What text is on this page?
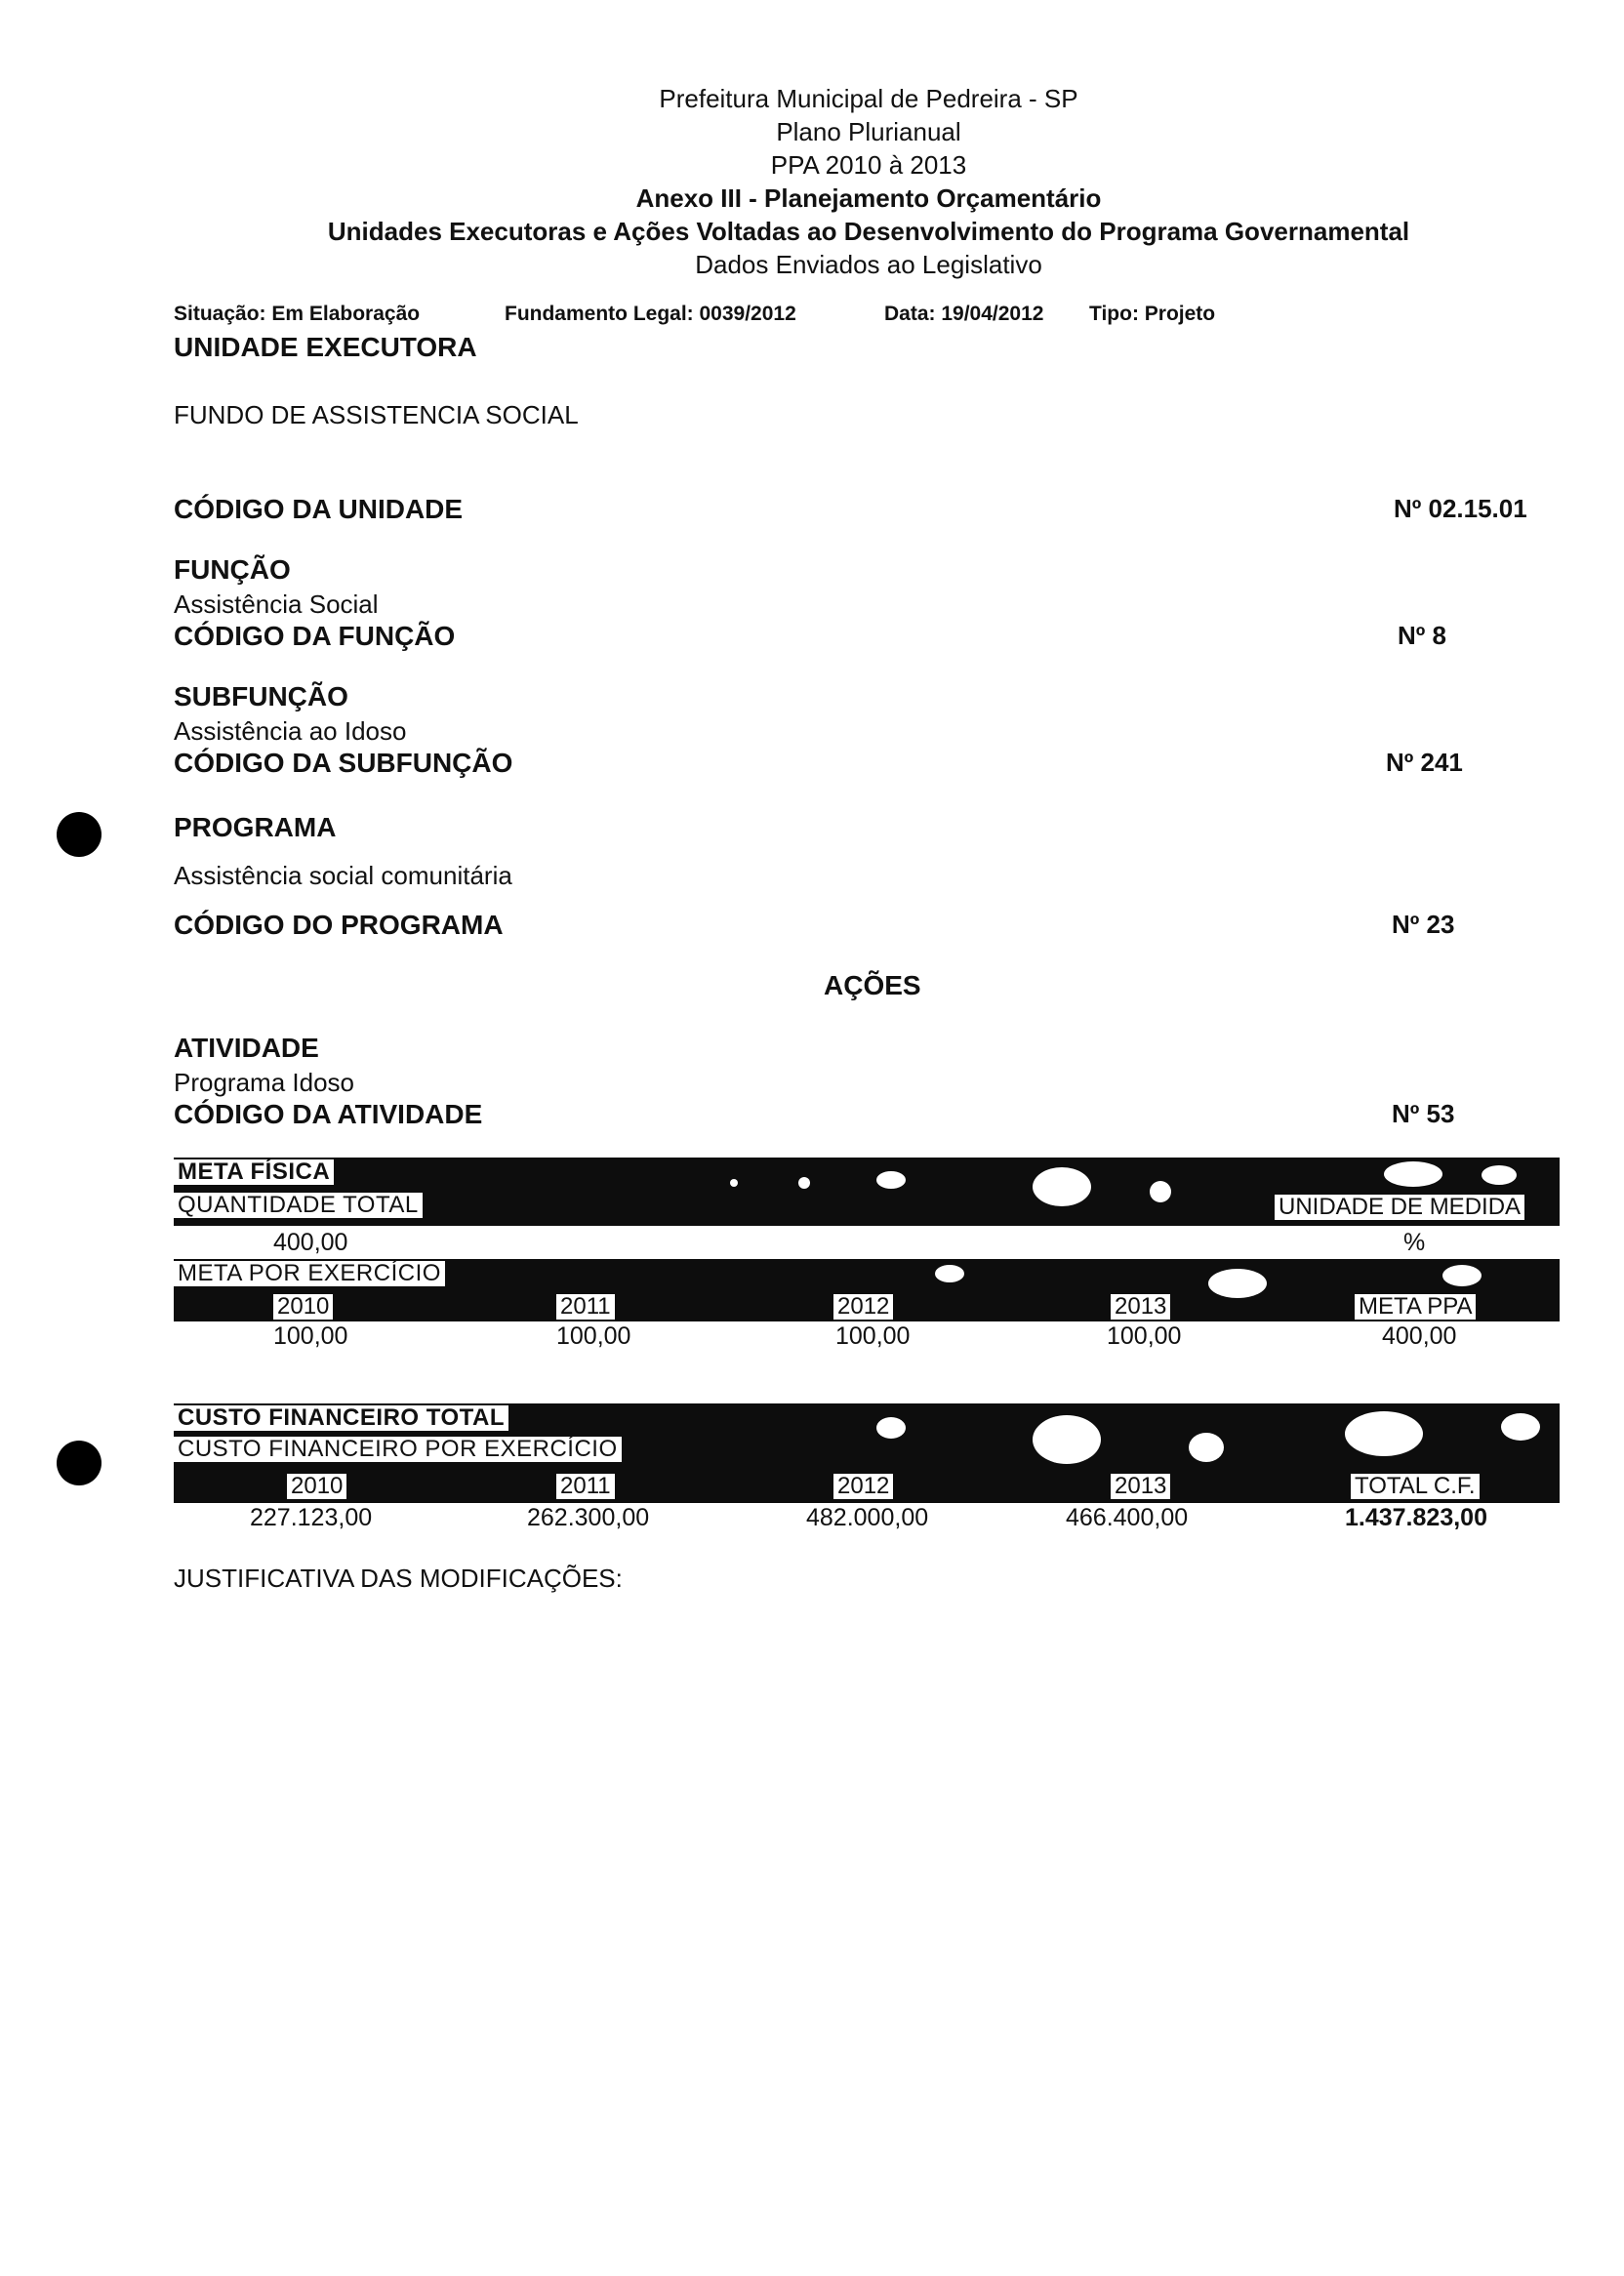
Prefeitura Municipal de Pedreira - SP
Plano Plurianual
PPA 2010 à 2013
Anexo III - Planejamento Orçamentário
Unidades Executoras e Ações Voltadas ao Desenvolvimento do Programa Governamental
Dados Enviados ao Legislativo
Situação: Em Elaboração	Fundamento Legal: 0039/2012	Data: 19/04/2012 Tipo: Projeto
UNIDADE EXECUTORA
FUNDO DE ASSISTENCIA SOCIAL
CÓDIGO DA UNIDADE	Nº 02.15.01
FUNÇÃO
Assistência Social
CÓDIGO DA FUNÇÃO	Nº 8
SUBFUNÇÃO
Assistência ao Idoso
CÓDIGO DA SUBFUNÇÃO	Nº 241
PROGRAMA
Assistência social comunitária
CÓDIGO DO PROGRAMA	Nº 23
AÇÕES
ATIVIDADE
Programa Idoso
CÓDIGO DA ATIVIDADE	Nº 53
META FÍSICA
QUANTIDADE TOTAL	UNIDADE DE MEDIDA
400,00	%
META POR EXERCÍCIO
2010	2011	2012	2013	META PPA
100,00	100,00	100,00	100,00	400,00
CUSTO FINANCEIRO TOTAL
CUSTO FINANCEIRO POR EXERCÍCIO
2010	2011	2012	2013	TOTAL C.F.
227.123,00	262.300,00	482.000,00	466.400,00	1.437.823,00
JUSTIFICATIVA DAS MODIFICAÇÕES:
